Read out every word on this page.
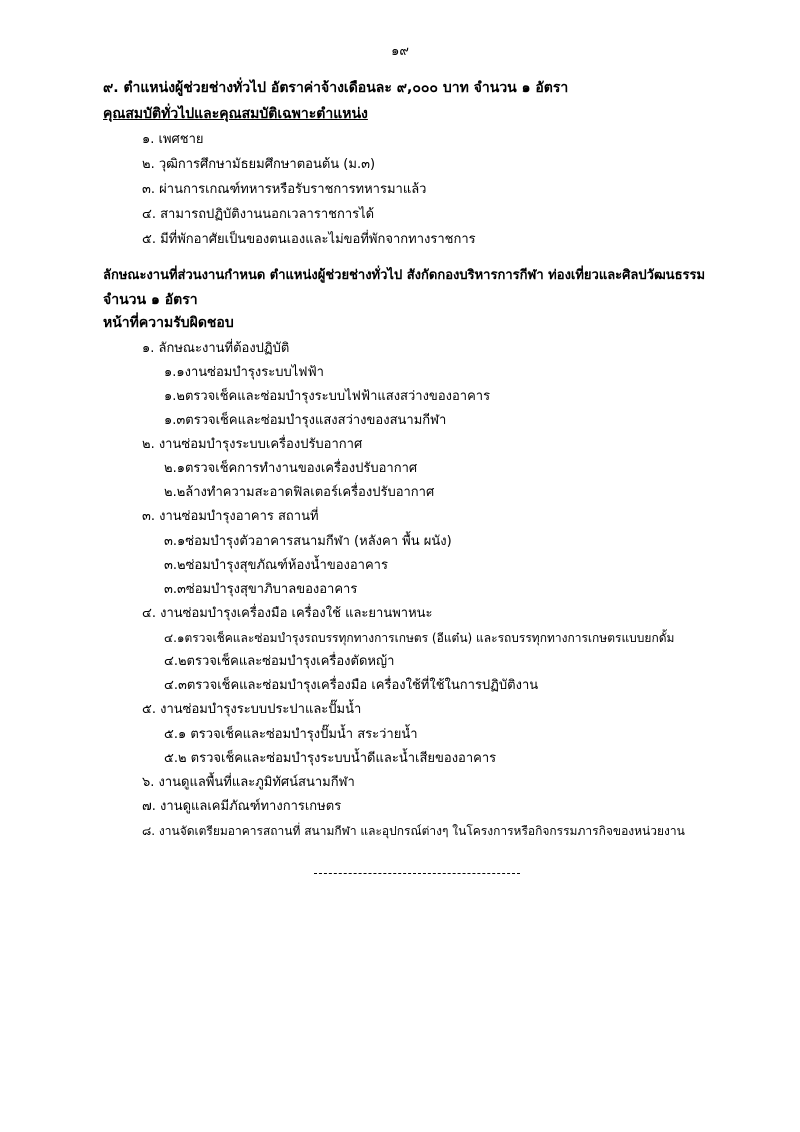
๑๙
๙. ตำแหน่งผู้ช่วยช่างทั่วไป อัตราค่าจ้างเดือนละ ๙,๐๐๐ บาท จำนวน ๑ อัตรา
คุณสมบัติทั่วไปและคุณสมบัติเฉพาะตำแหน่ง
๑. เพศชาย
๒. วุฒิการศึกษามัธยมศึกษาตอนต้น (ม.๓)
๓. ผ่านการเกณฑ์ทหารหรือรับราชการทหารมาแล้ว
๔. สามารถปฏิบัติงานนอกเวลาราชการได้
๕. มีที่พักอาศัยเป็นของตนเองและไม่ขอที่พักจากทางราชการ
ลักษณะงานที่ส่วนงานกำหนด ตำแหน่งผู้ช่วยช่างทั่วไป สังกัดกองบริหารการกีฬา ท่องเที่ยวและศิลปวัฒนธรรม
จำนวน ๑ อัตรา
หน้าที่ความรับผิดชอบ
๑. ลักษณะงานที่ต้องปฏิบัติ
๑.๑งานซ่อมบำรุงระบบไฟฟ้า
๑.๒ตรวจเช็คและซ่อมบำรุงระบบไฟฟ้าแสงสว่างของอาคาร
๑.๓ตรวจเช็คและซ่อมบำรุงแสงสว่างของสนามกีฬา
๒. งานซ่อมบำรุงระบบเครื่องปรับอากาศ
๒.๑ตรวจเช็คการทำงานของเครื่องปรับอากาศ
๒.๒ล้างทำความสะอาดฟิลเตอร์เครื่องปรับอากาศ
๓. งานซ่อมบำรุงอาคาร สถานที่
๓.๑ซ่อมบำรุงตัวอาคารสนามกีฬา (หลังคา พื้น ผนัง)
๓.๒ซ่อมบำรุงสุขภัณฑ์ห้องน้ำของอาคาร
๓.๓ซ่อมบำรุงสุขาภิบาลของอาคาร
๔. งานซ่อมบำรุงเครื่องมือ เครื่องใช้ และยานพาหนะ
๔.๑ตรวจเช็คและซ่อมบำรุงรถบรรทุกทางการเกษตร (อีแต๋น) และรถบรรทุกทางการเกษตรแบบยกดั้ม
๔.๒ตรวจเช็คและซ่อมบำรุงเครื่องตัดหญ้า
๔.๓ตรวจเช็คและซ่อมบำรุงเครื่องมือ เครื่องใช้ที่ใช้ในการปฏิบัติงาน
๕. งานซ่อมบำรุงระบบประปาและปั๊มน้ำ
๕.๑ ตรวจเช็คและซ่อมบำรุงปั๊มน้ำ สระว่ายน้ำ
๕.๒ ตรวจเช็คและซ่อมบำรุงระบบน้ำดีและน้ำเสียของอาคาร
๖. งานดูแลพื้นที่และภูมิทัศน์สนามกีฬา
๗. งานดูแลเคมีภัณฑ์ทางการเกษตร
๘. งานจัดเตรียมอาคารสถานที่ สนามกีฬา และอุปกรณ์ต่างๆ ในโครงการหรือกิจกรรมภารกิจของหน่วยงาน
